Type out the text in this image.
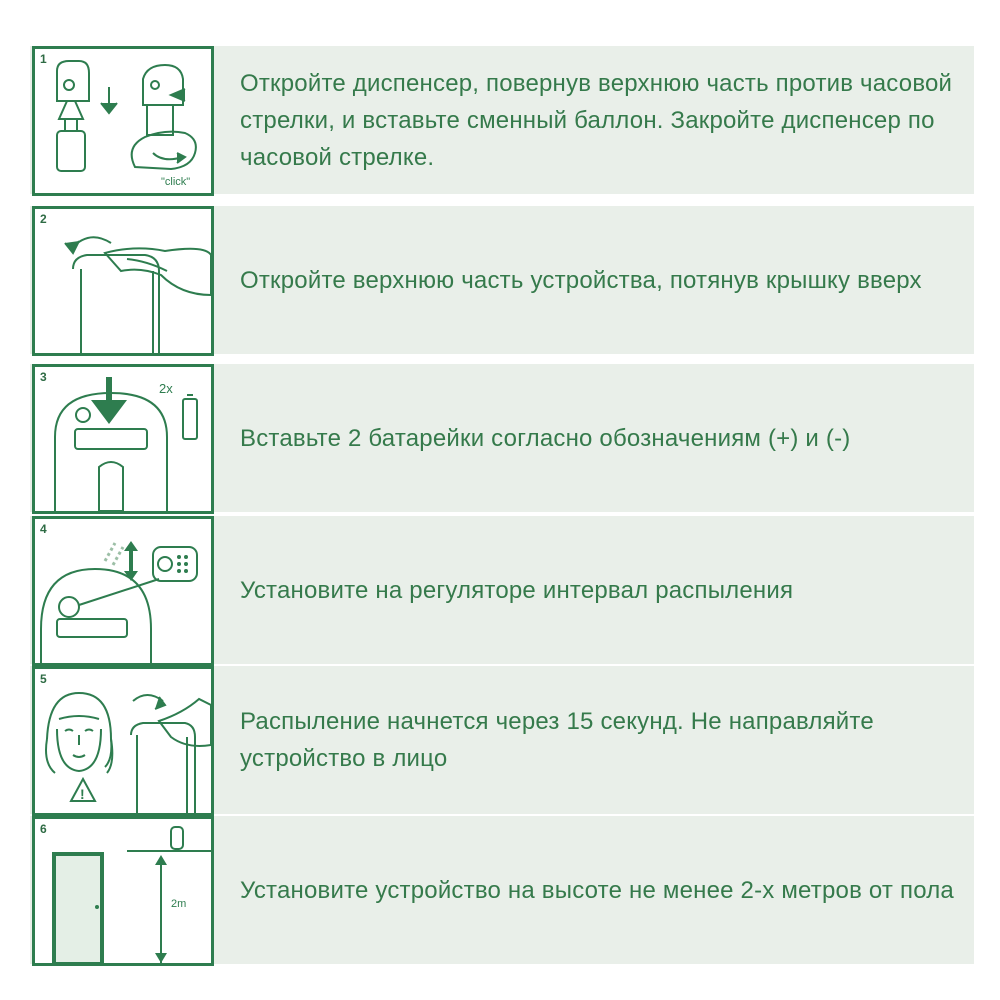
"click"
1
Откройте диспенсер, повернув верхнюю часть против часовой стрелки, и вставьте сменный баллон. Закройте диспенсер по часовой стрелке.
2
Откройте верхнюю часть устройства, потянув крышку вверх
2x
3
Вставьте 2 батарейки согласно обозначениям (+) и (-)
4
Установите на регуляторе интервал распыления
!
5
Распыление начнется через 15 секунд. Не направляйте устройство в лицо
2m
6
Установите устройство на высоте не менее 2-х метров от пола
